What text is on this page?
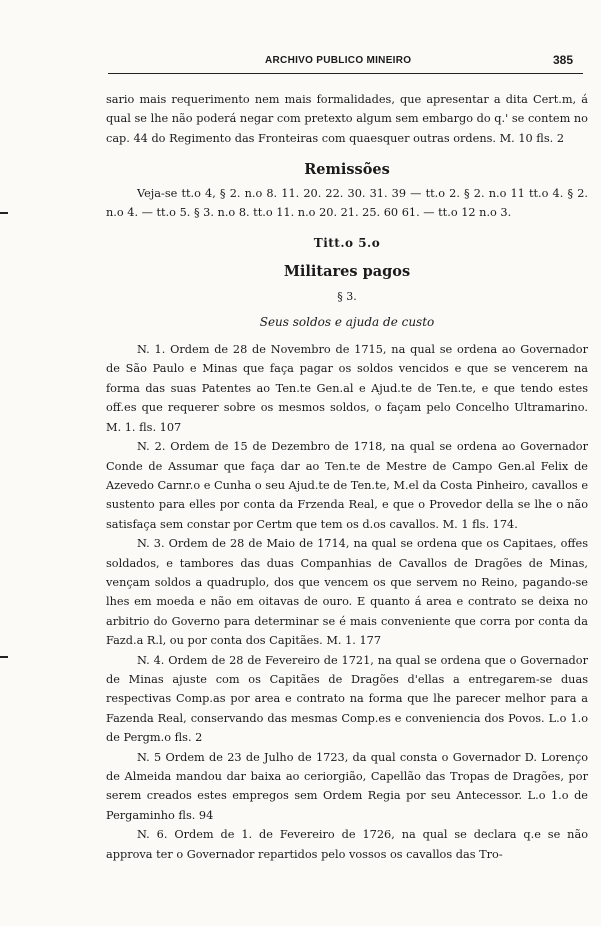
ARCHIVO PUBLICO MINEIRO	385

sario mais requerimento nem mais formalidades, que apresentar a dita Cert.m, á qual se lhe não poderá negar com pretexto algum sem embargo do q.' se contem no cap. 44 do Regimento das Fronteiras com quaesquer outras ordens. M. 10 fls. 2

Remissões

Veja-se tt.o 4, § 2. n.o 8. 11. 20. 22. 30. 31. 39 — tt.o 2. § 2. n.o 11 tt.o 4. § 2. n.o 4. — tt.o 5. § 3. n.o 8. tt.o 11. n.o 20. 21. 25. 60 61. — tt.o 12 n.o 3.

Titt.o 5.o

Militares pagos

§ 3.

Seus soldos e ajuda de custo

N. 1. Ordem de 28 de Novembro de 1715, na qual se ordena ao Governador de São Paulo e Minas que faça pagar os soldos vencidos e que se vencerem na forma das suas Patentes ao Ten.te Gen.al e Ajud.te de Ten.te, e que tendo estes off.es que requerer sobre os mesmos soldos, o façam pelo Concelho Ultramarino. M. 1. fls. 107

N. 2. Ordem de 15 de Dezembro de 1718, na qual se ordena ao Governador Conde de Assumar que faça dar ao Ten.te de Mestre de Campo Gen.al Felix de Azevedo Carnr.o e Cunha o seu Ajud.te de Ten.te, M.el da Costa Pinheiro, cavallos e sustento para elles por conta da Frzenda Real, e que o Provedor della se lhe o não satisfaça sem constar por Certm que tem os d.os cavallos. M. 1 fls. 174.

N. 3. Ordem de 28 de Maio de 1714, na qual se ordena que os Capitaes, offes soldados, e tambores das duas Companhias de Cavallos de Dragões de Minas, vençam soldos a quadruplo, dos que vencem os que servem no Reino, pagando-se lhes em moeda e não em oitavas de ouro. E quanto á area e contrato se deixa no arbitrio do Governo para determinar se é mais conveniente que corra por conta da Fazd.a R.l, ou por conta dos Capitães. M. 1. 177

N. 4. Ordem de 28 de Fevereiro de 1721, na qual se ordena que o Governador de Minas ajuste com os Capitães de Dragões d'ellas a entregarem-se duas respectivas Comp.as por area e contrato na forma que lhe parecer melhor para a Fazenda Real, conservando das mesmas Comp.es e conveniencia dos Povos. L.o 1.o de Pergm.o fls. 2

N. 5 Ordem de 23 de Julho de 1723, da qual consta o Governador D. Lorenço de Almeida mandou dar baixa ao ceriorgião, Capellão das Tropas de Dragões, por serem creados estes empregos sem Ordem Regia por seu Antecessor. L.o 1.o de Pergaminho fls. 94

N. 6. Ordem de 1. de Fevereiro de 1726, na qual se declara q.e se não approva ter o Governador repartidos pelo vossos os cavallos das Tro-
